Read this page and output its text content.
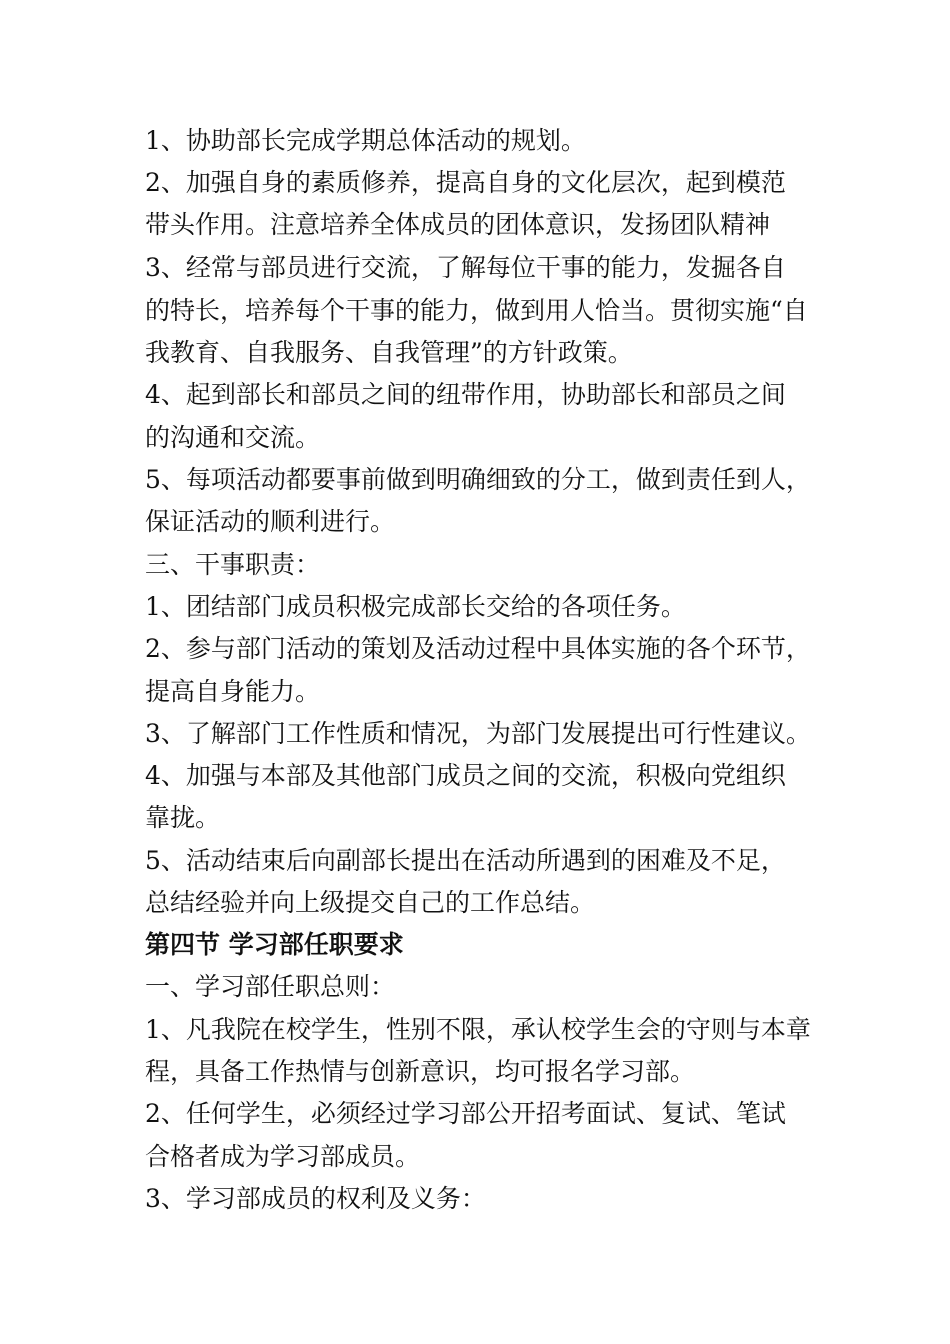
1、协助部长完成学期总体活动的规划。
2、加强自身的素质修养，提高自身的文化层次，起到模范
带头作用。注意培养全体成员的团体意识，发扬团队精神
3、经常与部员进行交流，了解每位干事的能力，发掘各自
的特长，培养每个干事的能力，做到用人恰当。贯彻实施“自
我教育、自我服务、自我管理”的方针政策。
4、起到部长和部员之间的纽带作用，协助部长和部员之间
的沟通和交流。
5、每项活动都要事前做到明确细致的分工，做到责任到人，
保证活动的顺利进行。
三、干事职责：
1、团结部门成员积极完成部长交给的各项任务。
2、参与部门活动的策划及活动过程中具体实施的各个环节，
提高自身能力。
3、了解部门工作性质和情况，为部门发展提出可行性建议。
4、加强与本部及其他部门成员之间的交流，积极向党组织
靠拢。
5、活动结束后向副部长提出在活动所遇到的困难及不足，
总结经验并向上级提交自己的工作总结。
第四节 学习部任职要求
一、学习部任职总则：
1、凡我院在校学生，性别不限，承认校学生会的守则与本章
程，具备工作热情与创新意识，均可报名学习部。
2、任何学生，必须经过学习部公开招考面试、复试、笔试
合格者成为学习部成员。
3、学习部成员的权利及义务：
